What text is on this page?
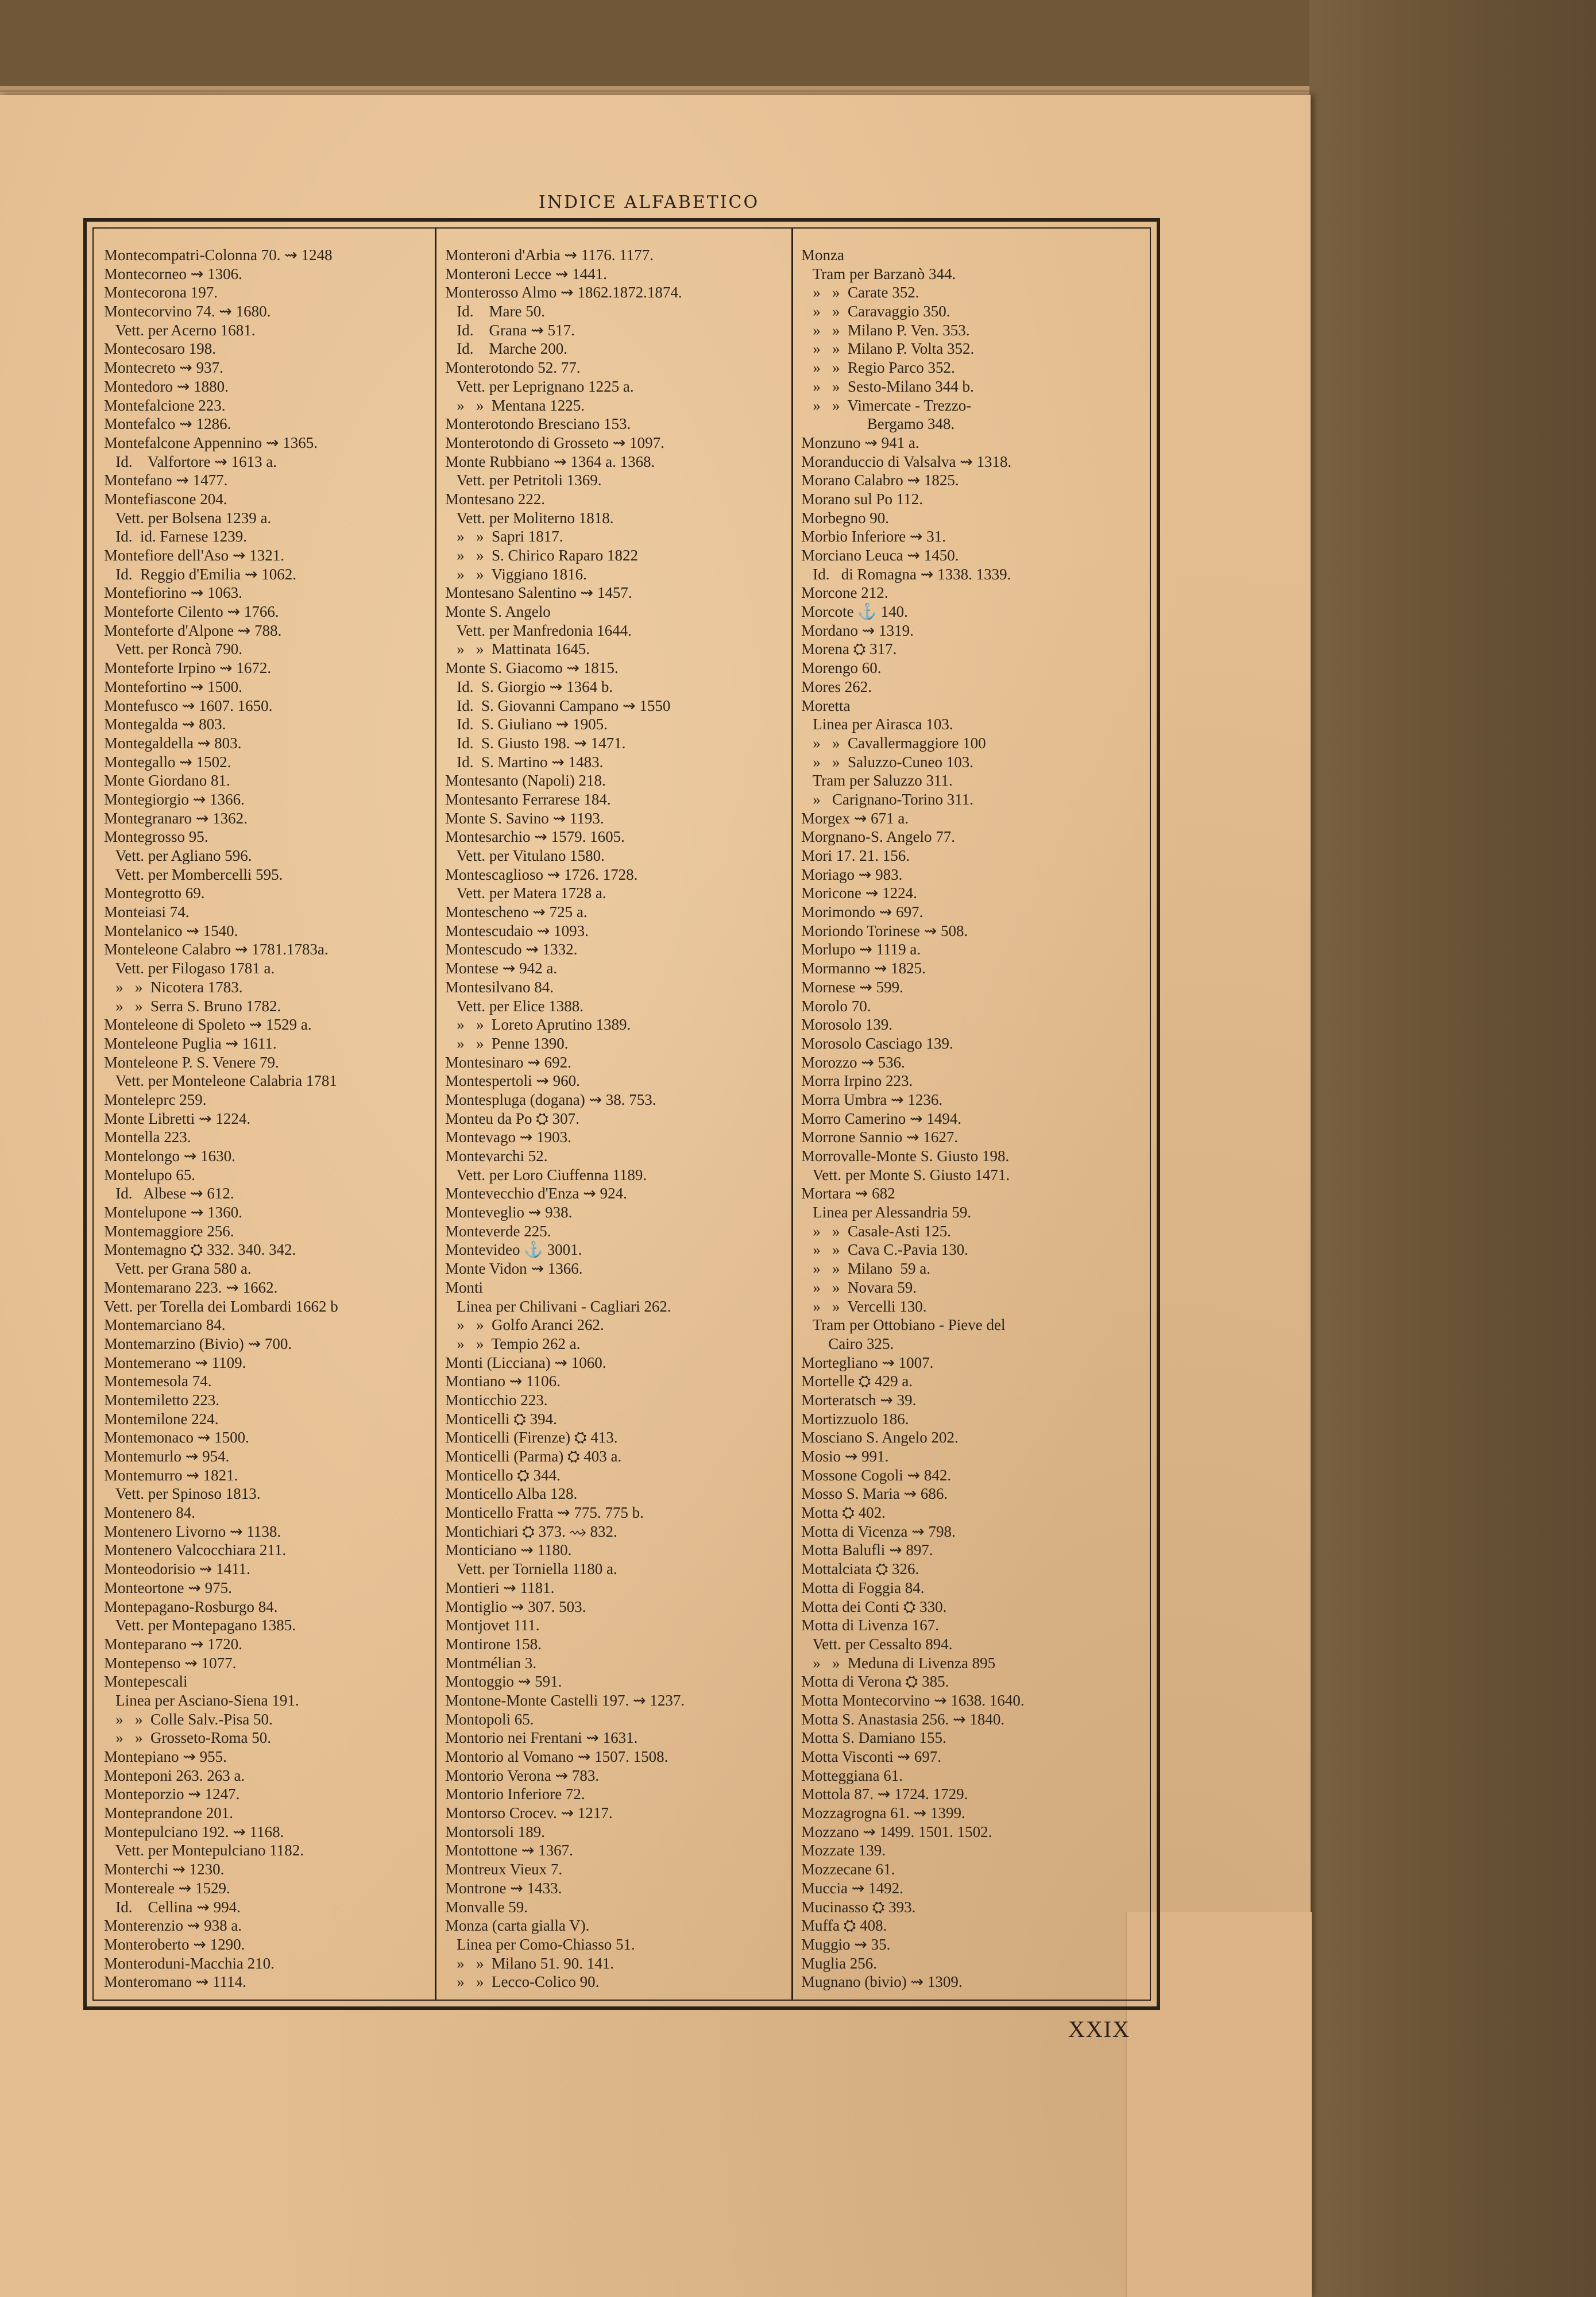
INDICE ALFABETICO
Montecompatri-Colonna 70. ⇝ 1248
Montecorneo ⇝ 1306.
Montecorona 197.
Montecorvino 74. ⇝ 1680.
Vett. per Acerno 1681.
Montecosaro 198.
Montecreto ⇝ 937.
Montedoro ⇝ 1880.
Montefalcione 223.
Montefalco ⇝ 1286.
Montefalcone Appennino ⇝ 1365.
Id.    Valfortore ⇝ 1613 a.
Montefano ⇝ 1477.
Montefiascone 204.
Vett. per Bolsena 1239 a.
Id.  id. Farnese 1239.
Montefiore dell'Aso ⇝ 1321.
Id.  Reggio d'Emilia ⇝ 1062.
Montefiorino ⇝ 1063.
Monteforte Cilento ⇝ 1766.
Monteforte d'Alpone ⇝ 788.
Vett. per Roncà 790.
Monteforte Irpino ⇝ 1672.
Montefortino ⇝ 1500.
Montefusco ⇝ 1607. 1650.
Montegalda ⇝ 803.
Montegaldella ⇝ 803.
Montegallo ⇝ 1502.
Monte Giordano 81.
Montegiorgio ⇝ 1366.
Montegranaro ⇝ 1362.
Montegrosso 95.
Vett. per Agliano 596.
Vett. per Mombercelli 595.
Montegrotto 69.
Monteiasi 74.
Montelanico ⇝ 1540.
Monteleone Calabro ⇝ 1781.1783a.
Vett. per Filogaso 1781 a.
»   »  Nicotera 1783.
»   »  Serra S. Bruno 1782.
Monteleone di Spoleto ⇝ 1529 a.
Monteleone Puglia ⇝ 1611.
Monteleone P. S. Venere 79.
Vett. per Monteleone Calabria 1781
Monteleprc 259.
Monte Libretti ⇝ 1224.
Montella 223.
Montelongo ⇝ 1630.
Montelupo 65.
Id.   Albese ⇝ 612.
Montelupone ⇝ 1360.
Montemaggiore 256.
Montemagno ⛭ 332. 340. 342.
Vett. per Grana 580 a.
Montemarano 223. ⇝ 1662.
Vett. per Torella dei Lombardi 1662 b
Montemarciano 84.
Montemarzino (Bivio) ⇝ 700.
Montemerano ⇝ 1109.
Montemesola 74.
Montemiletto 223.
Montemilone 224.
Montemonaco ⇝ 1500.
Montemurlo ⇝ 954.
Montemurro ⇝ 1821.
Vett. per Spinoso 1813.
Montenero 84.
Montenero Livorno ⇝ 1138.
Montenero Valcocchiara 211.
Monteodorisio ⇝ 1411.
Monteortone ⇝ 975.
Montepagano-Rosburgo 84.
Vett. per Montepagano 1385.
Monteparano ⇝ 1720.
Montepenso ⇝ 1077.
Montepescali
Linea per Asciano-Siena 191.
»   »  Colle Salv.-Pisa 50.
»   »  Grosseto-Roma 50.
Montepiano ⇝ 955.
Monteponi 263. 263 a.
Monteporzio ⇝ 1247.
Monteprandone 201.
Montepulciano 192. ⇝ 1168.
Vett. per Montepulciano 1182.
Monterchi ⇝ 1230.
Montereale ⇝ 1529.
Id.    Cellina ⇝ 994.
Monterenzio ⇝ 938 a.
Monteroberto ⇝ 1290.
Monteroduni-Macchia 210.
Monteromano ⇝ 1114.
Monteroni d'Arbia ⇝ 1176. 1177.
Monteroni Lecce ⇝ 1441.
Monterosso Almo ⇝ 1862.1872.1874.
Id.    Mare 50.
Id.    Grana ⇝ 517.
Id.    Marche 200.
Monterotondo 52. 77.
Vett. per Leprignano 1225 a.
»   »  Mentana 1225.
Monterotondo Bresciano 153.
Monterotondo di Grosseto ⇝ 1097.
Monte Rubbiano ⇝ 1364 a. 1368.
Vett. per Petritoli 1369.
Montesano 222.
Vett. per Moliterno 1818.
»   »  Sapri 1817.
»   »  S. Chirico Raparo 1822
»   »  Viggiano 1816.
Montesano Salentino ⇝ 1457.
Monte S. Angelo
Vett. per Manfredonia 1644.
»   »  Mattinata 1645.
Monte S. Giacomo ⇝ 1815.
Id.  S. Giorgio ⇝ 1364 b.
Id.  S. Giovanni Campano ⇝ 1550
Id.  S. Giuliano ⇝ 1905.
Id.  S. Giusto 198. ⇝ 1471.
Id.  S. Martino ⇝ 1483.
Montesanto (Napoli) 218.
Montesanto Ferrarese 184.
Monte S. Savino ⇝ 1193.
Montesarchio ⇝ 1579. 1605.
Vett. per Vitulano 1580.
Montescaglioso ⇝ 1726. 1728.
Vett. per Matera 1728 a.
Montescheno ⇝ 725 a.
Montescudaio ⇝ 1093.
Montescudo ⇝ 1332.
Montese ⇝ 942 a.
Montesilvano 84.
Vett. per Elice 1388.
»   »  Loreto Aprutino 1389.
»   »  Penne 1390.
Montesinaro ⇝ 692.
Montespertoli ⇝ 960.
Montespluga (dogana) ⇝ 38. 753.
Monteu da Po ⛭ 307.
Montevago ⇝ 1903.
Montevarchi 52.
Vett. per Loro Ciuffenna 1189.
Montevecchio d'Enza ⇝ 924.
Monteveglio ⇝ 938.
Monteverde 225.
Montevideo ⚓ 3001.
Monte Vidon ⇝ 1366.
Monti
Linea per Chilivani - Cagliari 262.
»   »  Golfo Aranci 262.
»   »  Tempio 262 a.
Monti (Licciana) ⇝ 1060.
Montiano ⇝ 1106.
Monticchio 223.
Monticelli ⛭ 394.
Monticelli (Firenze) ⛭ 413.
Monticelli (Parma) ⛭ 403 a.
Monticello ⛭ 344.
Monticello Alba 128.
Monticello Fratta ⇝ 775. 775 b.
Montichiari ⛭ 373. ⇝ 832.
Monticiano ⇝ 1180.
Vett. per Torniella 1180 a.
Montieri ⇝ 1181.
Montiglio ⇝ 307. 503.
Montjovet 111.
Montirone 158.
Montmélian 3.
Montoggio ⇝ 591.
Montone-Monte Castelli 197. ⇝ 1237.
Montopoli 65.
Montorio nei Frentani ⇝ 1631.
Montorio al Vomano ⇝ 1507. 1508.
Montorio Verona ⇝ 783.
Montorio Inferiore 72.
Montorso Crocev. ⇝ 1217.
Montorsoli 189.
Montottone ⇝ 1367.
Montreux Vieux 7.
Montrone ⇝ 1433.
Monvalle 59.
Monza (carta gialla V).
Linea per Como-Chiasso 51.
»   »  Milano 51. 90. 141.
»   »  Lecco-Colico 90.
Monza
Tram per Barzanò 344.
»   »  Carate 352.
»   »  Caravaggio 350.
»   »  Milano P. Ven. 353.
»   »  Milano P. Volta 352.
»   »  Regio Parco 352.
»   »  Sesto-Milano 344 b.
»   »  Vimercate - Trezzo-
Bergamo 348.
Monzuno ⇝ 941 a.
Moranduccio di Valsalva ⇝ 1318.
Morano Calabro ⇝ 1825.
Morano sul Po 112.
Morbegno 90.
Morbio Inferiore ⇝ 31.
Morciano Leuca ⇝ 1450.
Id.   di Romagna ⇝ 1338. 1339.
Morcone 212.
Morcote ⚓ 140.
Mordano ⇝ 1319.
Morena ⛭ 317.
Morengo 60.
Mores 262.
Moretta
Linea per Airasca 103.
»   »  Cavallermaggiore 100
»   »  Saluzzo-Cuneo 103.
Tram per Saluzzo 311.
»   Carignano-Torino 311.
Morgex ⇝ 671 a.
Morgnano-S. Angelo 77.
Mori 17. 21. 156.
Moriago ⇝ 983.
Moricone ⇝ 1224.
Morimondo ⇝ 697.
Moriondo Torinese ⇝ 508.
Morlupo ⇝ 1119 a.
Mormanno ⇝ 1825.
Mornese ⇝ 599.
Morolo 70.
Morosolo 139.
Morosolo Casciago 139.
Morozzo ⇝ 536.
Morra Irpino 223.
Morra Umbra ⇝ 1236.
Morro Camerino ⇝ 1494.
Morrone Sannio ⇝ 1627.
Morrovalle-Monte S. Giusto 198.
Vett. per Monte S. Giusto 1471.
Mortara ⇝ 682
Linea per Alessandria 59.
»   »  Casale-Asti 125.
»   »  Cava C.-Pavia 130.
»   »  Milano  59 a.
»   »  Novara 59.
»   »  Vercelli 130.
Tram per Ottobiano - Pieve del
Cairo 325.
Mortegliano ⇝ 1007.
Mortelle ⛭ 429 a.
Morteratsch ⇝ 39.
Mortizzuolo 186.
Mosciano S. Angelo 202.
Mosio ⇝ 991.
Mossone Cogoli ⇝ 842.
Mosso S. Maria ⇝ 686.
Motta ⛭ 402.
Motta di Vicenza ⇝ 798.
Motta Balufli ⇝ 897.
Mottalciata ⛭ 326.
Motta di Foggia 84.
Motta dei Conti ⛭ 330.
Motta di Livenza 167.
Vett. per Cessalto 894.
»   »  Meduna di Livenza 895
Motta di Verona ⛭ 385.
Motta Montecorvino ⇝ 1638. 1640.
Motta S. Anastasia 256. ⇝ 1840.
Motta S. Damiano 155.
Motta Visconti ⇝ 697.
Motteggiana 61.
Mottola 87. ⇝ 1724. 1729.
Mozzagrogna 61. ⇝ 1399.
Mozzano ⇝ 1499. 1501. 1502.
Mozzate 139.
Mozzecane 61.
Muccia ⇝ 1492.
Mucinasso ⛭ 393.
Muffa ⛭ 408.
Muggio ⇝ 35.
Muglia 256.
Mugnano (bivio) ⇝ 1309.
XXIX
